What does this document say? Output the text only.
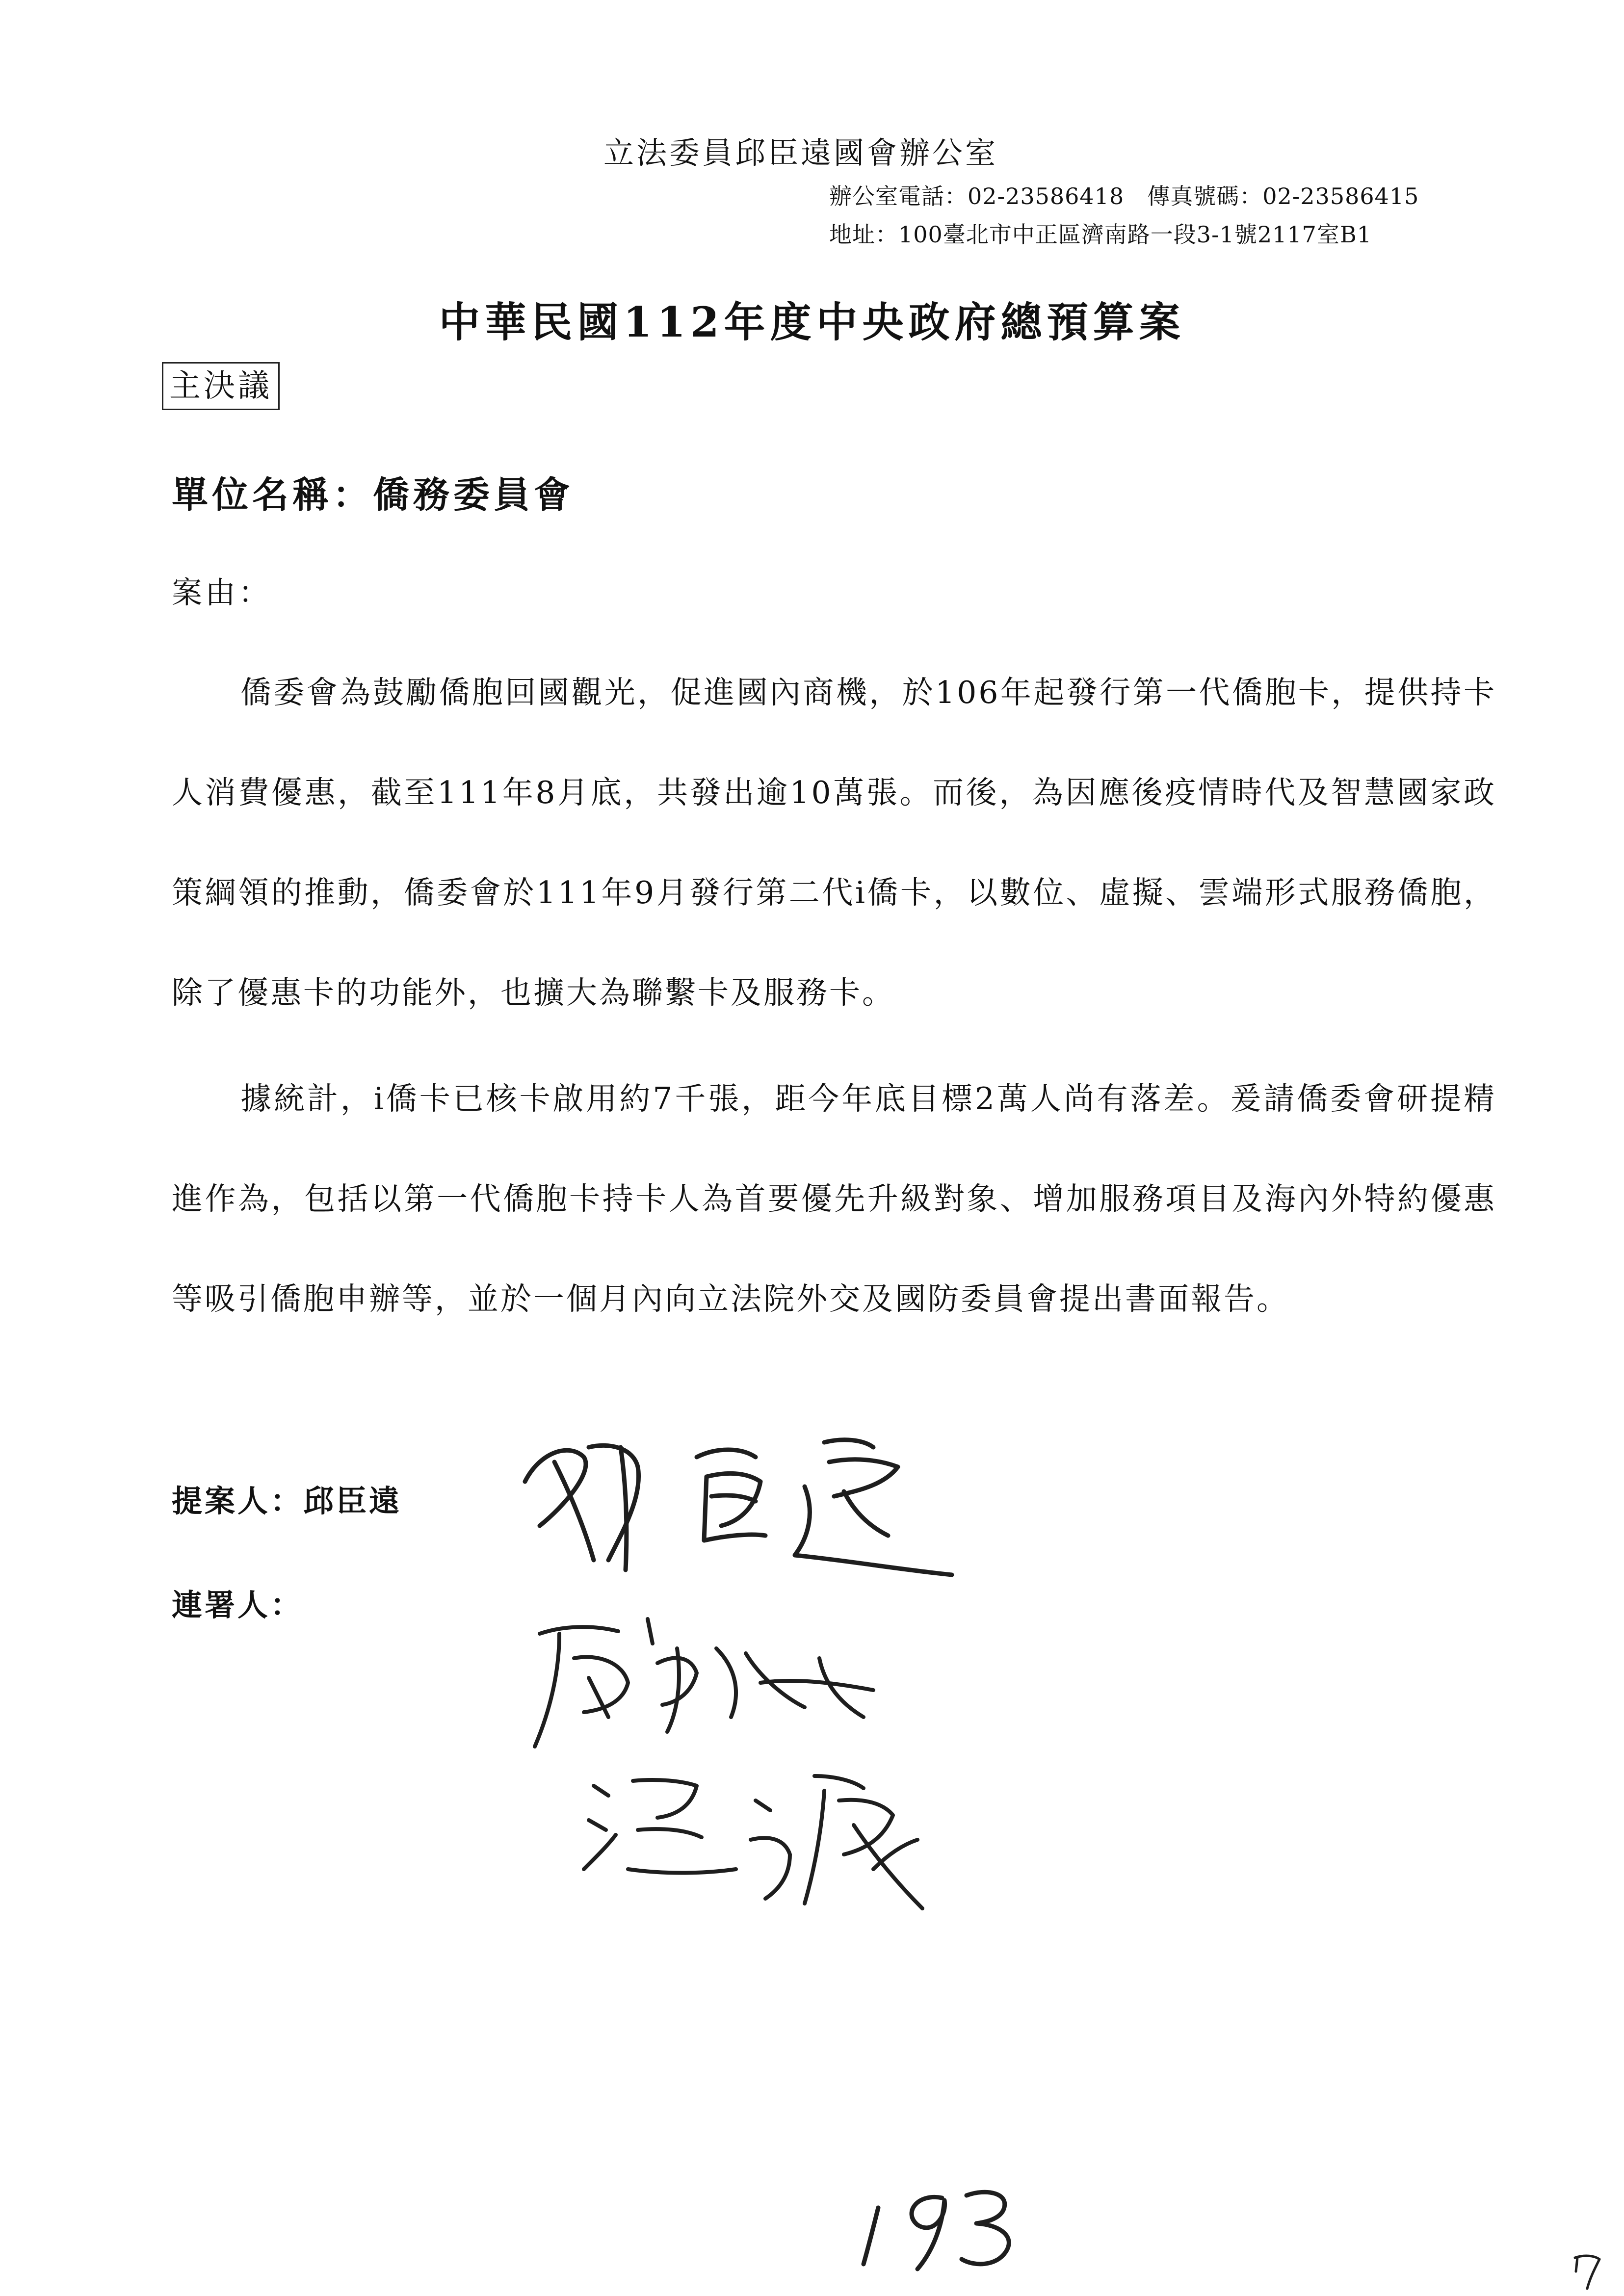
立法委員邱臣遠國會辦公室
辦公室電話：02-23586418　傳真號碼：02-23586415
地址：100臺北市中正區濟南路一段3-1號2117室B1
中華民國112年度中央政府總預算案
主決議
單位名稱：僑務委員會
案由：
僑委會為鼓勵僑胞回國觀光，促進國內商機，於106年起發行第一代僑胞卡，提供持卡人消費優惠，截至111年8月底，共發出逾10萬張。而後，為因應後疫情時代及智慧國家政策綱領的推動，僑委會於111年9月發行第二代i僑卡，以數位、虛擬、雲端形式服務僑胞，除了優惠卡的功能外，也擴大為聯繫卡及服務卡。
據統計，i僑卡已核卡啟用約7千張，距今年底目標2萬人尚有落差。爰請僑委會研提精進作為，包括以第一代僑胞卡持卡人為首要優先升級對象、增加服務項目及海內外特約優惠等吸引僑胞申辦等，並於一個月內向立法院外交及國防委員會提出書面報告。
提案人：邱臣遠
連署人：
